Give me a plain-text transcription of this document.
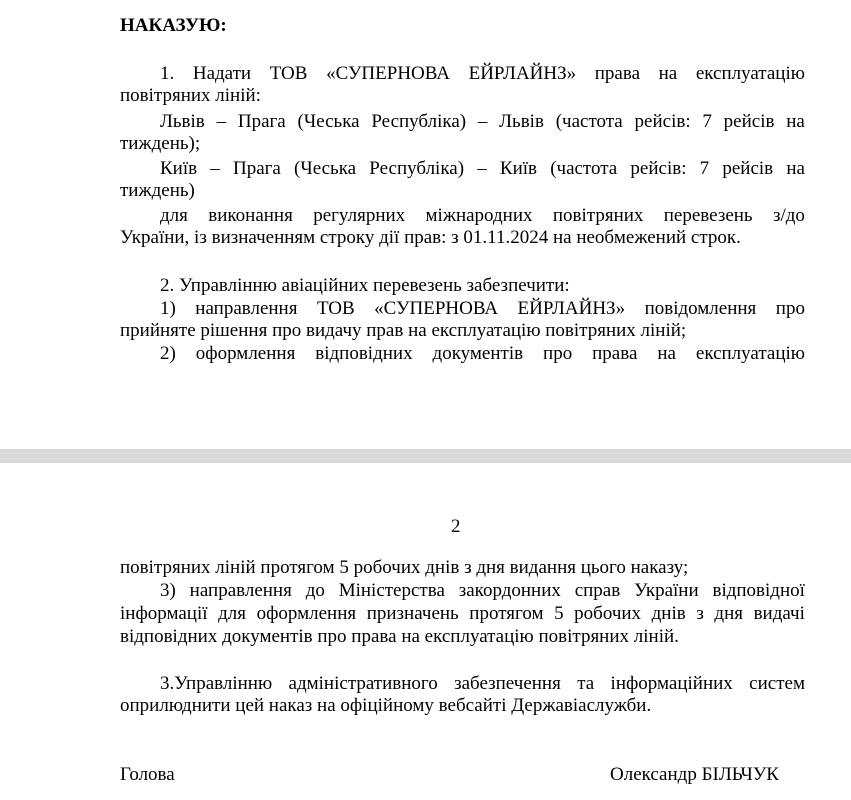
НАКАЗУЮ:
1. Надати ТОВ «СУПЕРНОВА ЕЙРЛАЙНЗ» права на експлуатацію
повітряних ліній:
Львів – Прага (Чеська Республіка) – Львів (частота рейсів: 7 рейсів на
тиждень);
Київ – Прага (Чеська Республіка) – Київ (частота рейсів: 7 рейсів на
тиждень)
для виконання регулярних міжнародних повітряних перевезень з/до
України, із визначенням строку дії прав: з 01.11.2024 на необмежений строк.
2. Управлінню авіаційних перевезень забезпечити:
1) направлення ТОВ «СУПЕРНОВА ЕЙРЛАЙНЗ» повідомлення про
прийняте рішення про видачу прав на експлуатацію повітряних ліній;
2) оформлення відповідних документів про права на експлуатацію
2
повітряних ліній протягом 5 робочих днів з дня видання цього наказу;
3) направлення до Міністерства закордонних справ України відповідної
інформації для оформлення призначень протягом 5 робочих днів з дня видачі
відповідних документів про права на експлуатацію повітряних ліній.
3.Управлінню адміністративного забезпечення та інформаційних систем
оприлюднити цей наказ на офіційному вебсайті Державіаслужби.
Голова	Олександр БІЛЬЧУК
